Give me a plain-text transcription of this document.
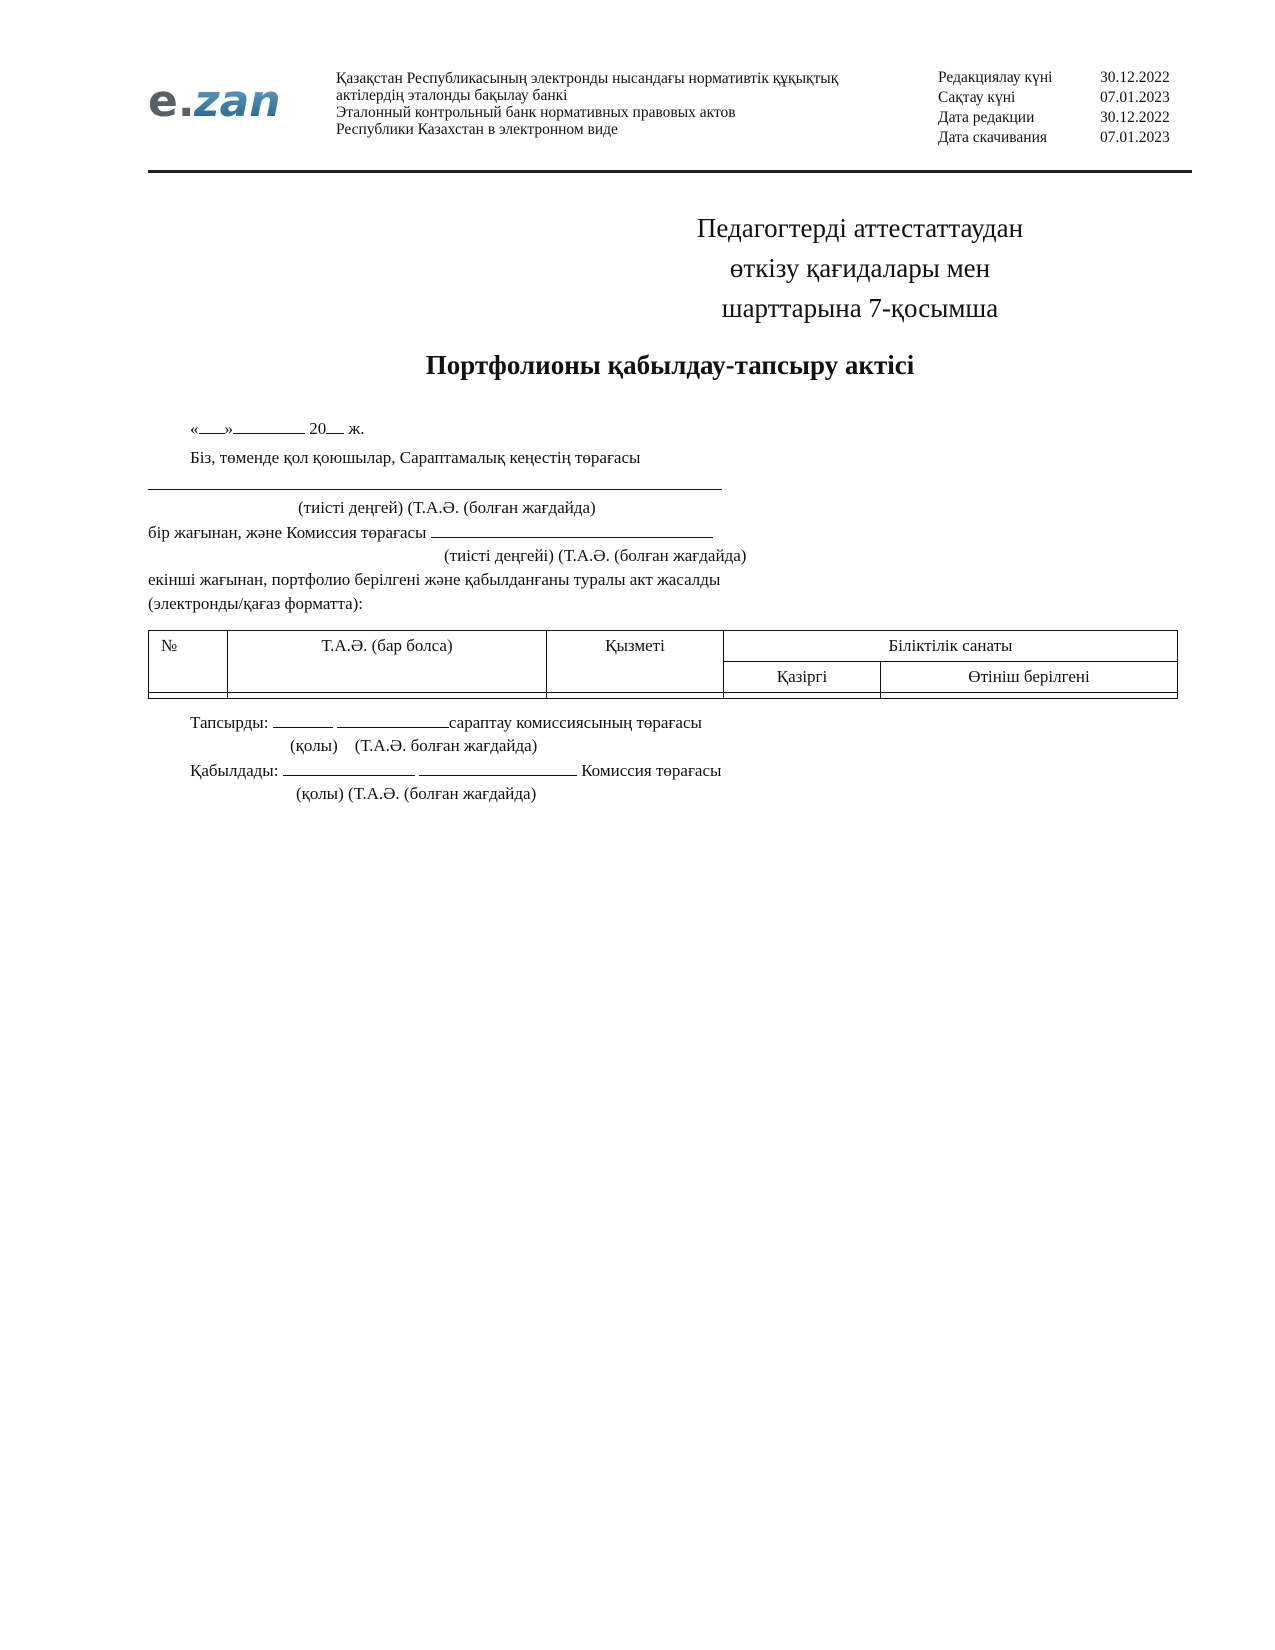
e. zan	Қазақстан Республикасының электронды нысандағы нормативтік құқықтық
актілердің эталонды бақылау банкі
Эталонный контрольный банк нормативных правовых актов
Республики Казахстан в электронном виде
Редакциялау күні	30.12.2022
Сақтау күні	07.01.2023
Дата редакции	30.12.2022
Дата скачивания	07.01.2023
Педагогтерді аттестаттаудан
өткізу қағидалары мен
шарттарына 7-қосымша
Портфолионы қабылдау-тапсыру актісі
« »	20 ж.
Біз, төменде қол қоюшылар, Сараптамалық кеңестің төрағасы
(тиісті деңгей) (Т.А.Ә. (болған жағдайда)
бір жағынан, және Комиссия төрағасы
(тиісті деңгейі) (Т.А.Ә. (болған жағдайда)
екінші жағынан, портфолио берілгені және қабылданғаны туралы акт жасалды
(электронды/қағаз форматта):
№	Т.А.Ә. (бар болса)	Қызметі	Біліктілік санаты	
			Қазіргі	Өтініш берілгені

Тапсырды:	сараптау комиссиясының төрағасы
(қолы)    (Т.А.Ә. болған жағдайда)
Қабылдады:	Комиссия төрағасы
(қолы) (Т.А.Ә. (болған жағдайда)
